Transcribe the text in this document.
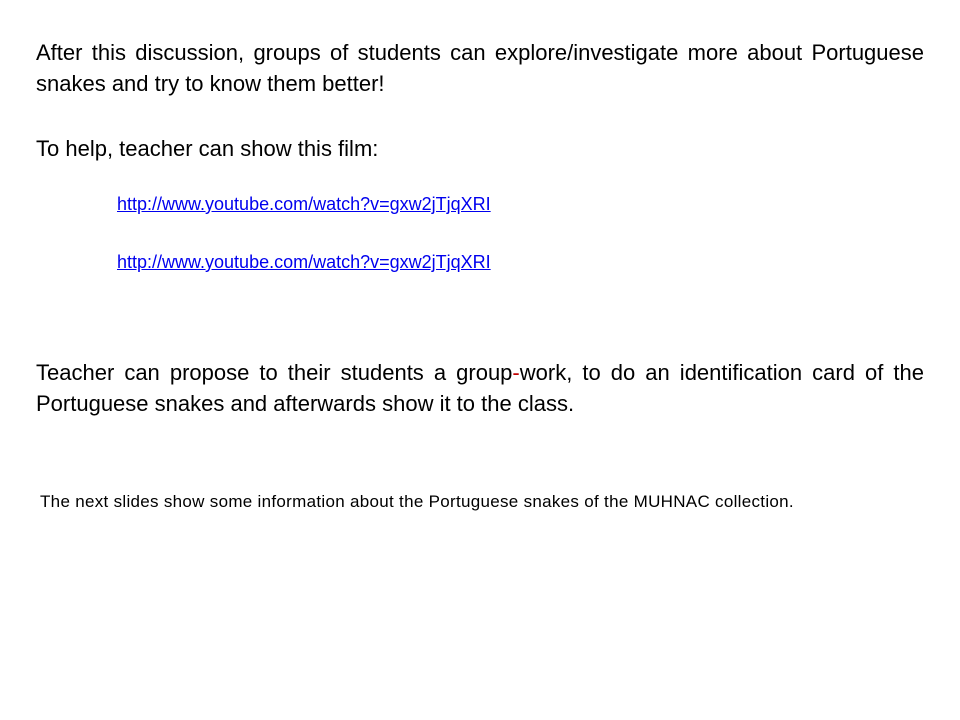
After this discussion, groups of students can explore/investigate more about Portuguese snakes and try to know them better!

To help, teacher can show this film:

http://www.youtube.com/watch?v=gxw2jTjqXRI
http://www.youtube.com/watch?v=gxw2jTjqXRI

Teacher can propose to their students a group-work, to do an identification card of the Portuguese snakes and afterwards show it to the class.

The next slides show some information about the Portuguese snakes of the MUHNAC collection.
